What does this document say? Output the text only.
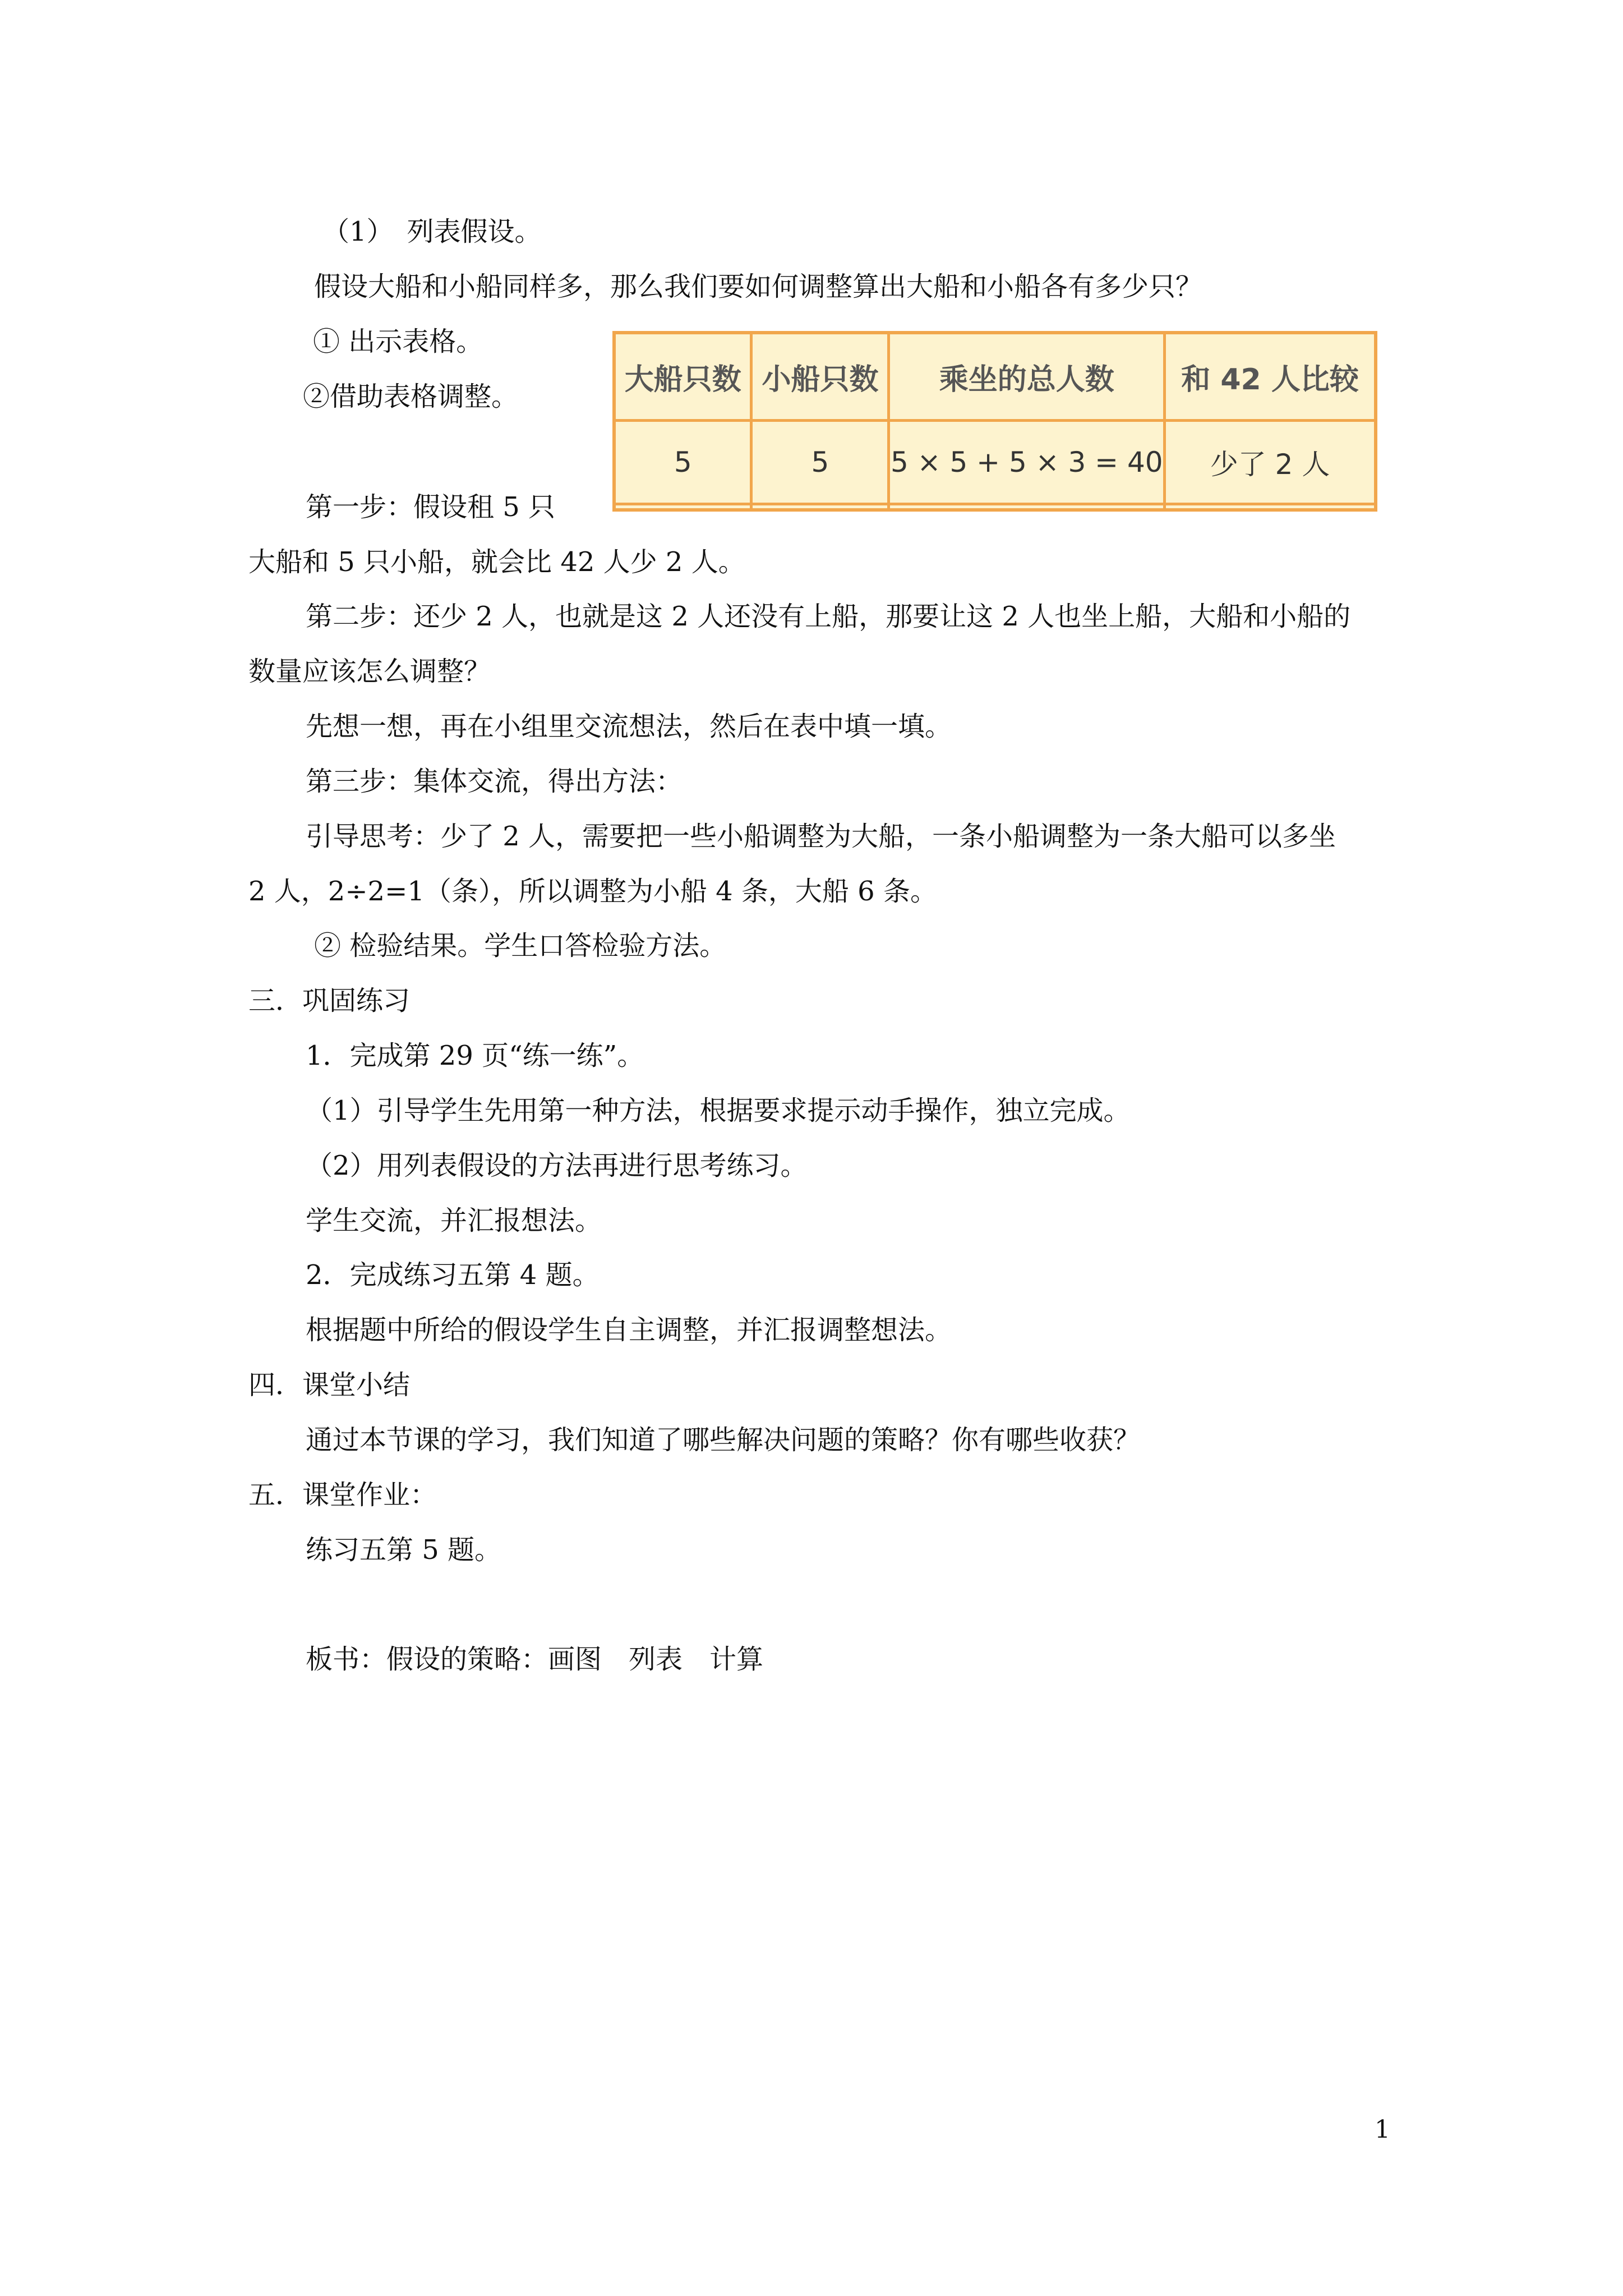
（1）　列表假设。

假设大船和小船同样多，那么我们要如何调整算出大船和小船各有多少只？

① 出示表格。

②借助表格调整。

大船只数	小船只数	乘坐的总人数	和 42 人比较
5	5	5 × 5 + 5 × 3 = 40	少了 2 人

第一步：假设租 5 只

大船和 5 只小船，就会比 42 人少 2 人。

第二步：还少 2 人，也就是这 2 人还没有上船，那要让这 2 人也坐上船，大船和小船的

数量应该怎么调整？

先想一想，再在小组里交流想法，然后在表中填一填。

第三步：集体交流，得出方法：

引导思考：少了 2 人，需要把一些小船调整为大船，一条小船调整为一条大船可以多坐

2 人，2÷2=1（条），所以调整为小船 4 条，大船 6 条。

② 检验结果。学生口答检验方法。

三．巩固练习

1．完成第 29 页“练一练”。

（1）引导学生先用第一种方法，根据要求提示动手操作，独立完成。

（2）用列表假设的方法再进行思考练习。

学生交流，并汇报想法。

2．完成练习五第 4 题。

根据题中所给的假设学生自主调整，并汇报调整想法。

四．课堂小结

通过本节课的学习，我们知道了哪些解决问题的策略？你有哪些收获？

五．课堂作业：

练习五第 5 题。

板书：假设的策略：画图　列表　计算

1
